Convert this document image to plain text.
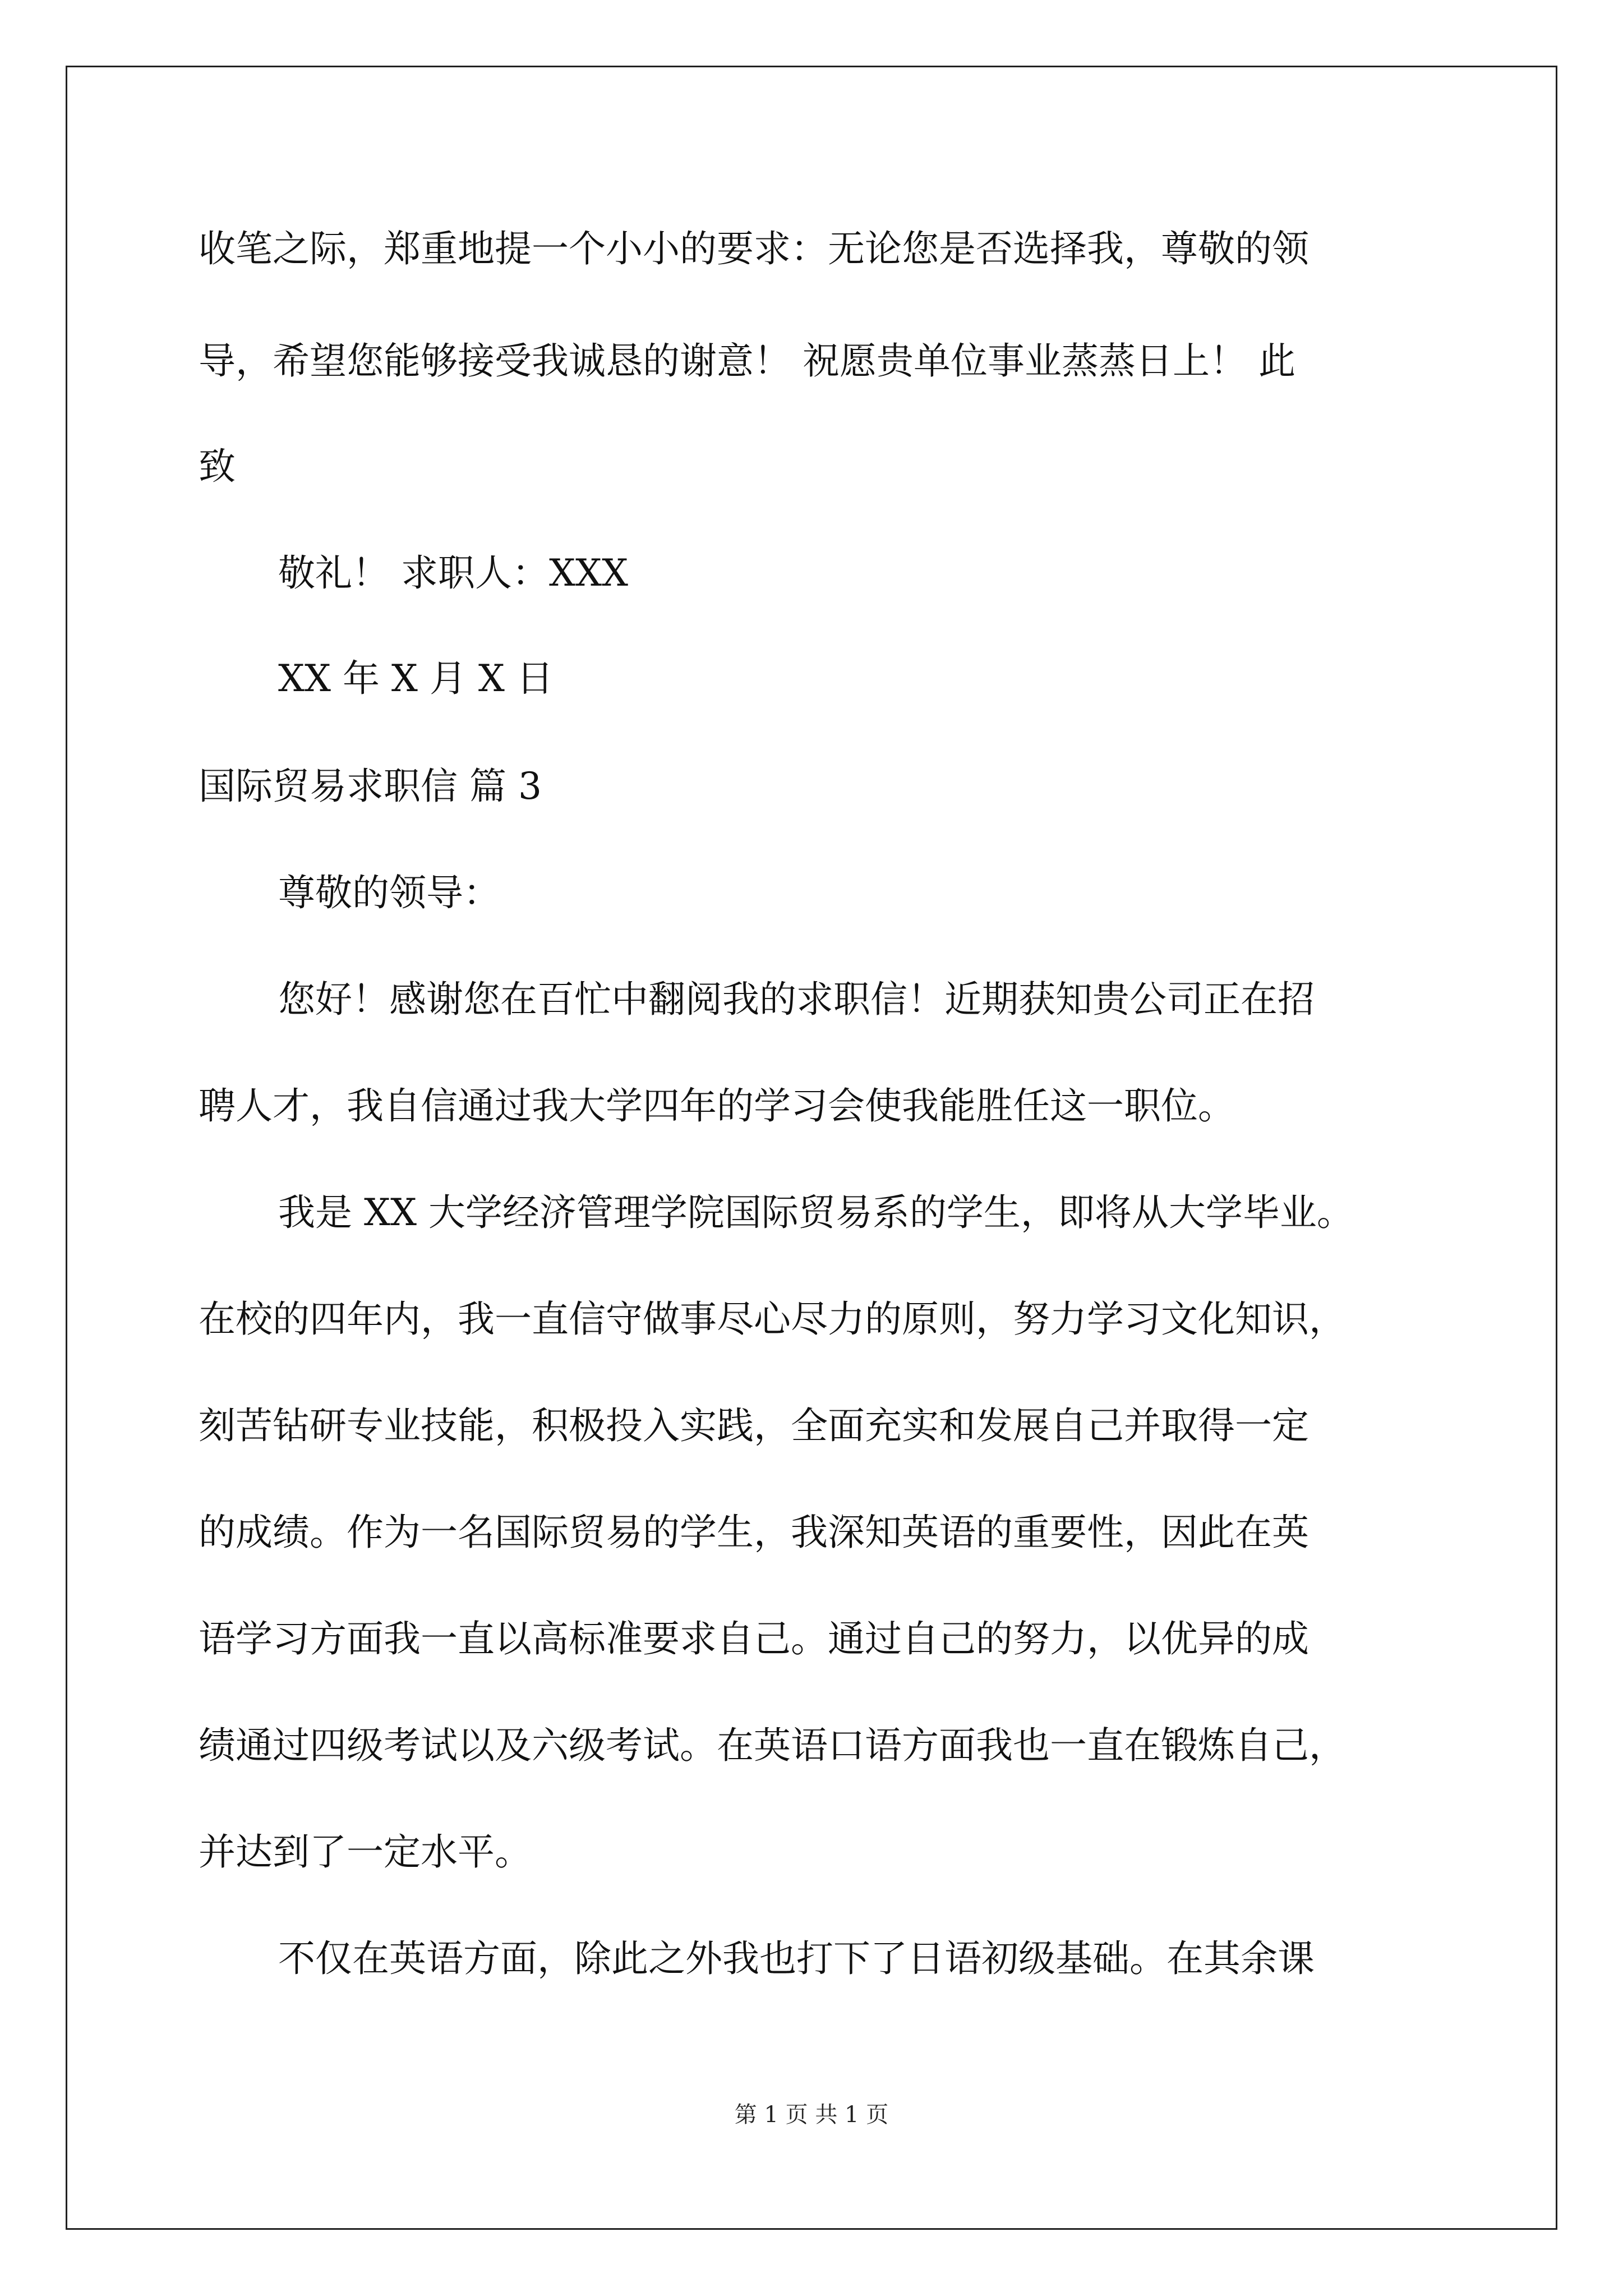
收笔之际，郑重地提一个小小的要求：无论您是否选择我，尊敬的领
导，希望您能够接受我诚恳的谢意！ 祝愿贵单位事业蒸蒸日上！ 此
致
敬礼！ 求职人：XXX
XX 年 X 月 X 日
国际贸易求职信 篇 3
尊敬的领导：
您好！感谢您在百忙中翻阅我的求职信！近期获知贵公司正在招
聘人才，我自信通过我大学四年的学习会使我能胜任这一职位。
我是 XX 大学经济管理学院国际贸易系的学生，即将从大学毕业。
在校的四年内，我一直信守做事尽心尽力的原则，努力学习文化知识，
刻苦钻研专业技能，积极投入实践，全面充实和发展自己并取得一定
的成绩。作为一名国际贸易的学生，我深知英语的重要性，因此在英
语学习方面我一直以高标准要求自己。通过自己的努力，以优异的成
绩通过四级考试以及六级考试。在英语口语方面我也一直在锻炼自己，
并达到了一定水平。
不仅在英语方面，除此之外我也打下了日语初级基础。在其余课
第 1 页 共 1 页
